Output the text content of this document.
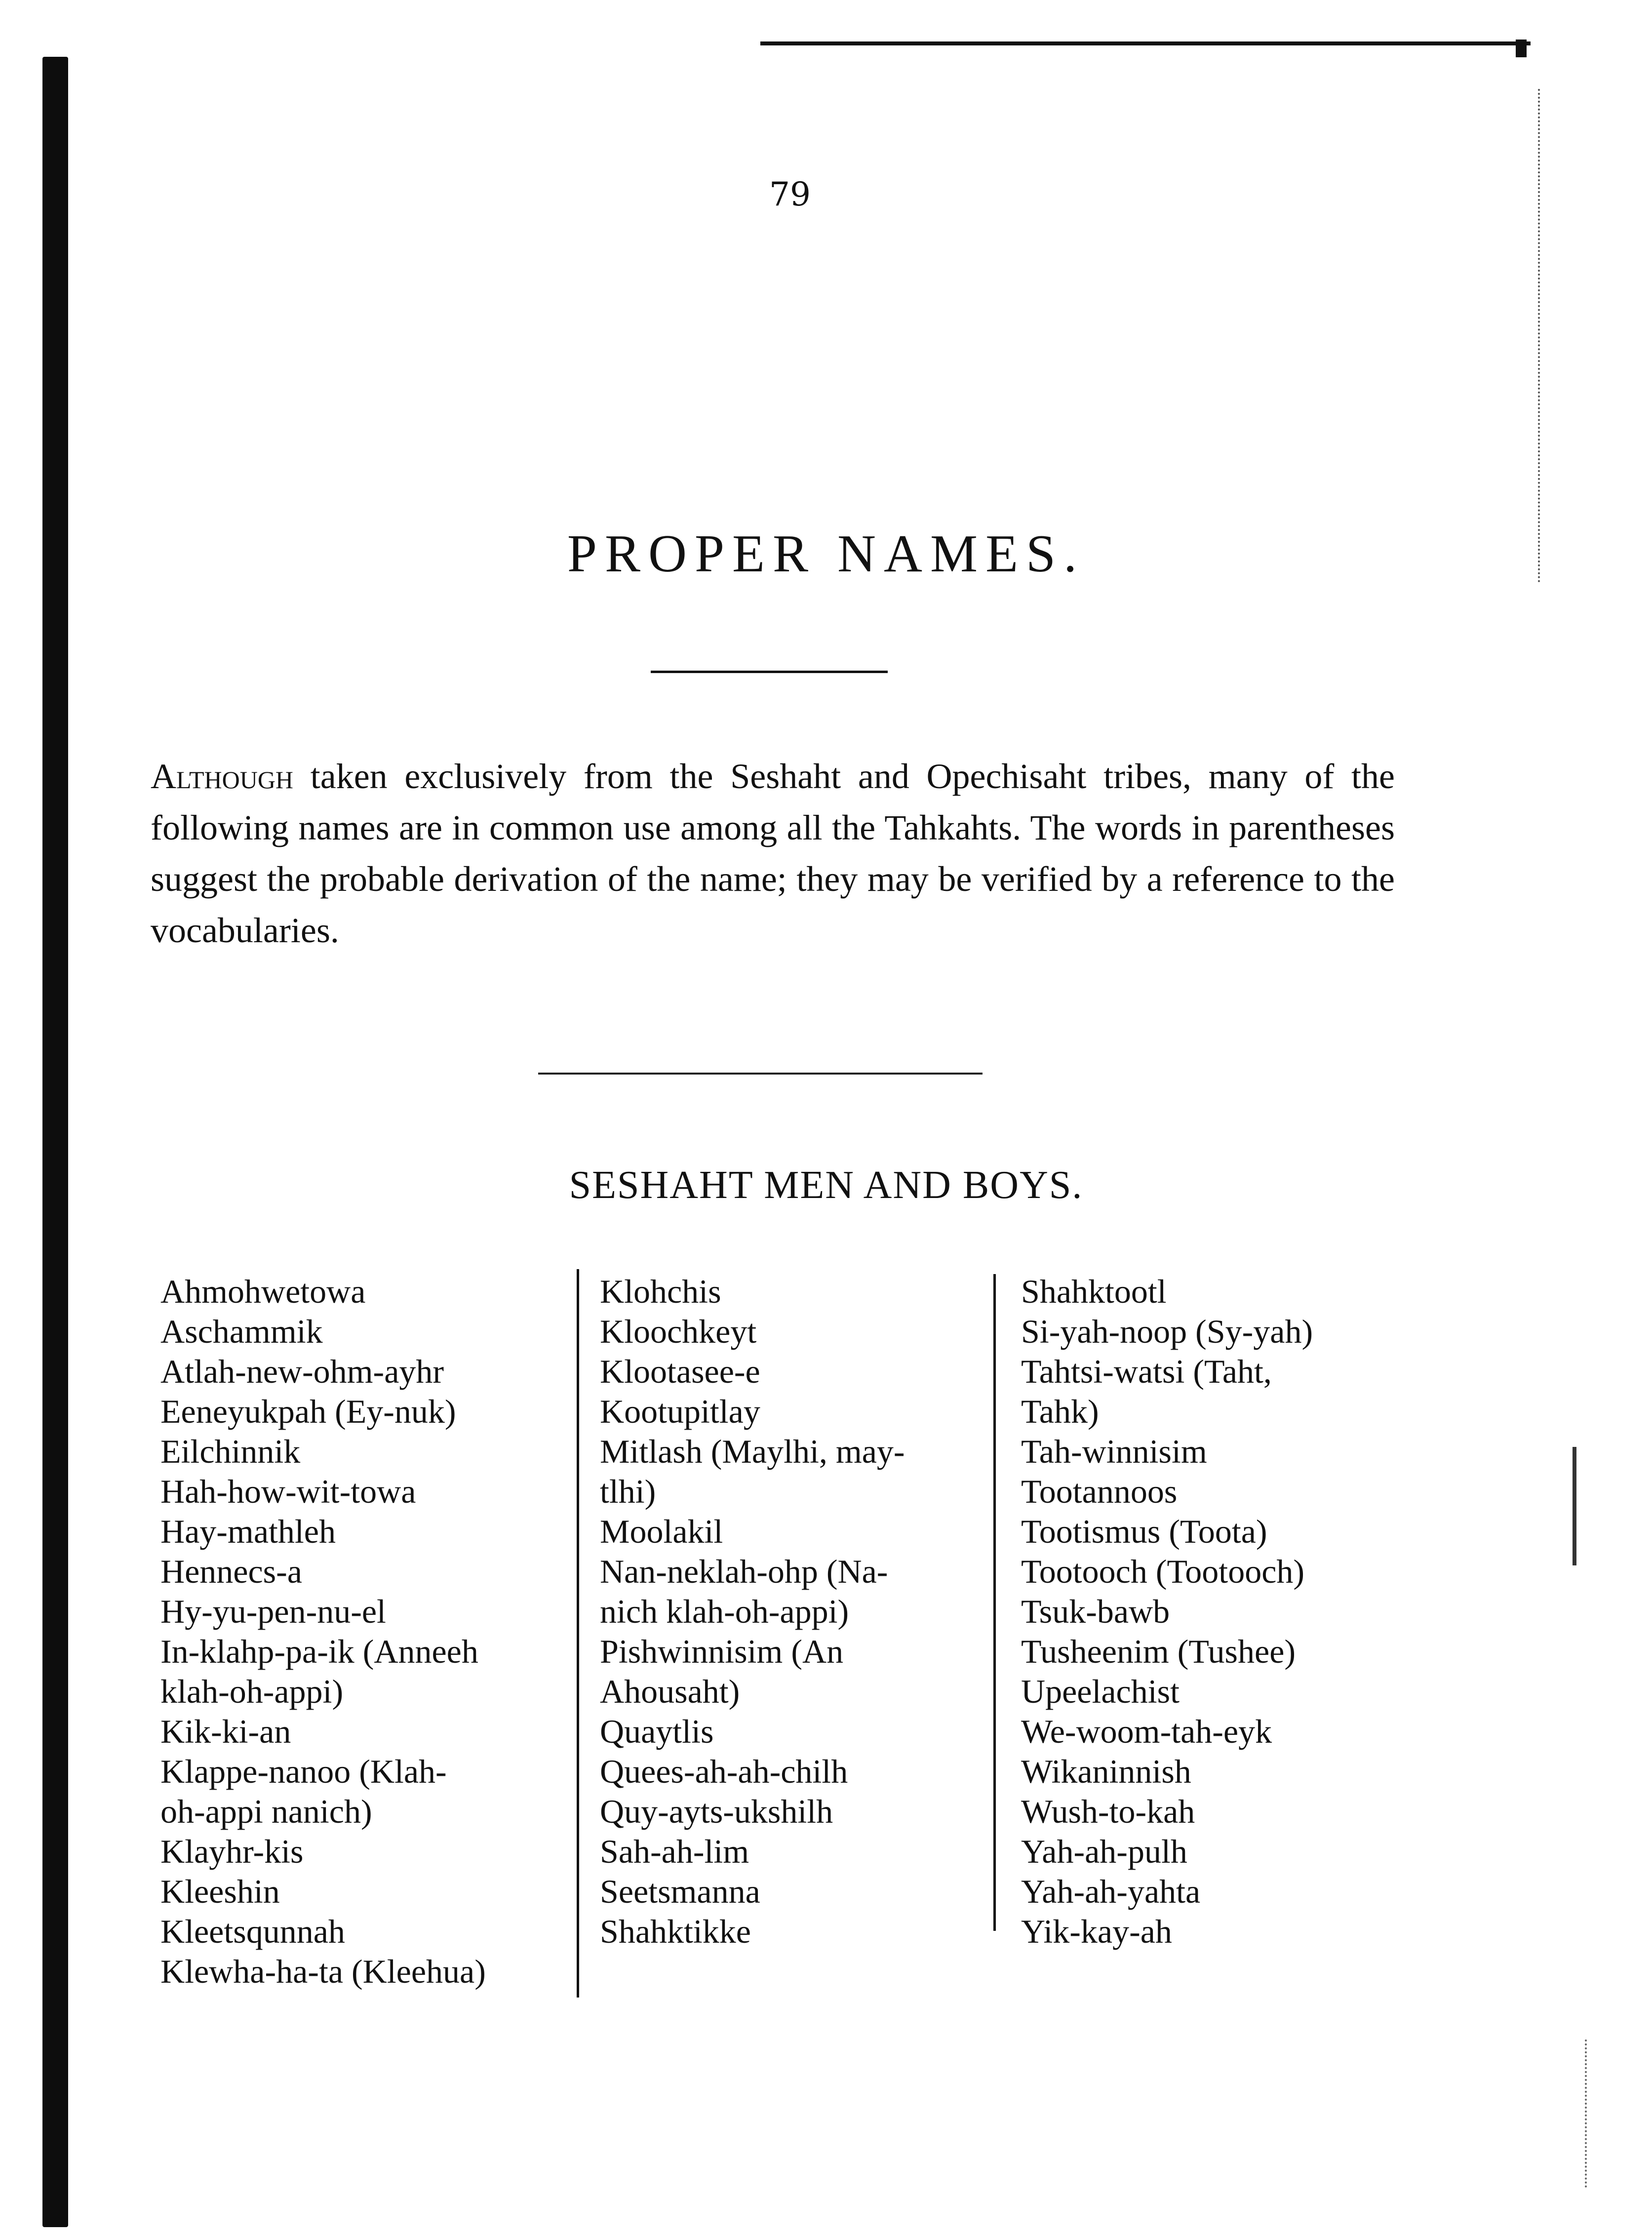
79
PROPER NAMES.

Although taken exclusively from the Seshaht and Opechisaht tribes, many of the following names are in common use among all the Tahkahts. The words in parentheses suggest the probable derivation of the name; they may be verified by a reference to the vocabularies.

SESHAHT MEN AND BOYS.
Ahmohwetowa
Aschammik
Atlah-new-ohm-ayhr
Eeneyukpah (Ey-nuk)
Eilchinnik
Hah-how-wit-towa
Hay-mathleh
Hennecs-a
Hy-yu-pen-nu-el
In-klahp-pa-ik (Anneeh
klah-oh-appi)
Kik-ki-an
Klappe-nanoo (Klah-
oh-appi nanich)
Klayhr-kis
Kleeshin
Kleetsqunnah
Klewha-ha-ta (Kleehua)
Klohchis
Kloochkeyt
Klootasee-e
Kootupitlay
Mitlash (Maylhi, may-
tlhi)
Moolakil
Nan-neklah-ohp (Na-
nich klah-oh-appi)
Pishwinnisim (An
Ahousaht)
Quaytlis
Quees-ah-ah-chilh
Quy-ayts-ukshilh
Sah-ah-lim
Seetsmanna
Shahktikke
Shahktootl
Si-yah-noop (Sy-yah)
Tahtsi-watsi (Taht,
Tahk)
Tah-winnisim
Tootannoos
Tootismus (Toota)
Tootooch (Tootooch)
Tsuk-bawb
Tusheenim (Tushee)
Upeelachist
We-woom-tah-eyk
Wikaninnish
Wush-to-kah
Yah-ah-pulh
Yah-ah-yahta
Yik-kay-ah
